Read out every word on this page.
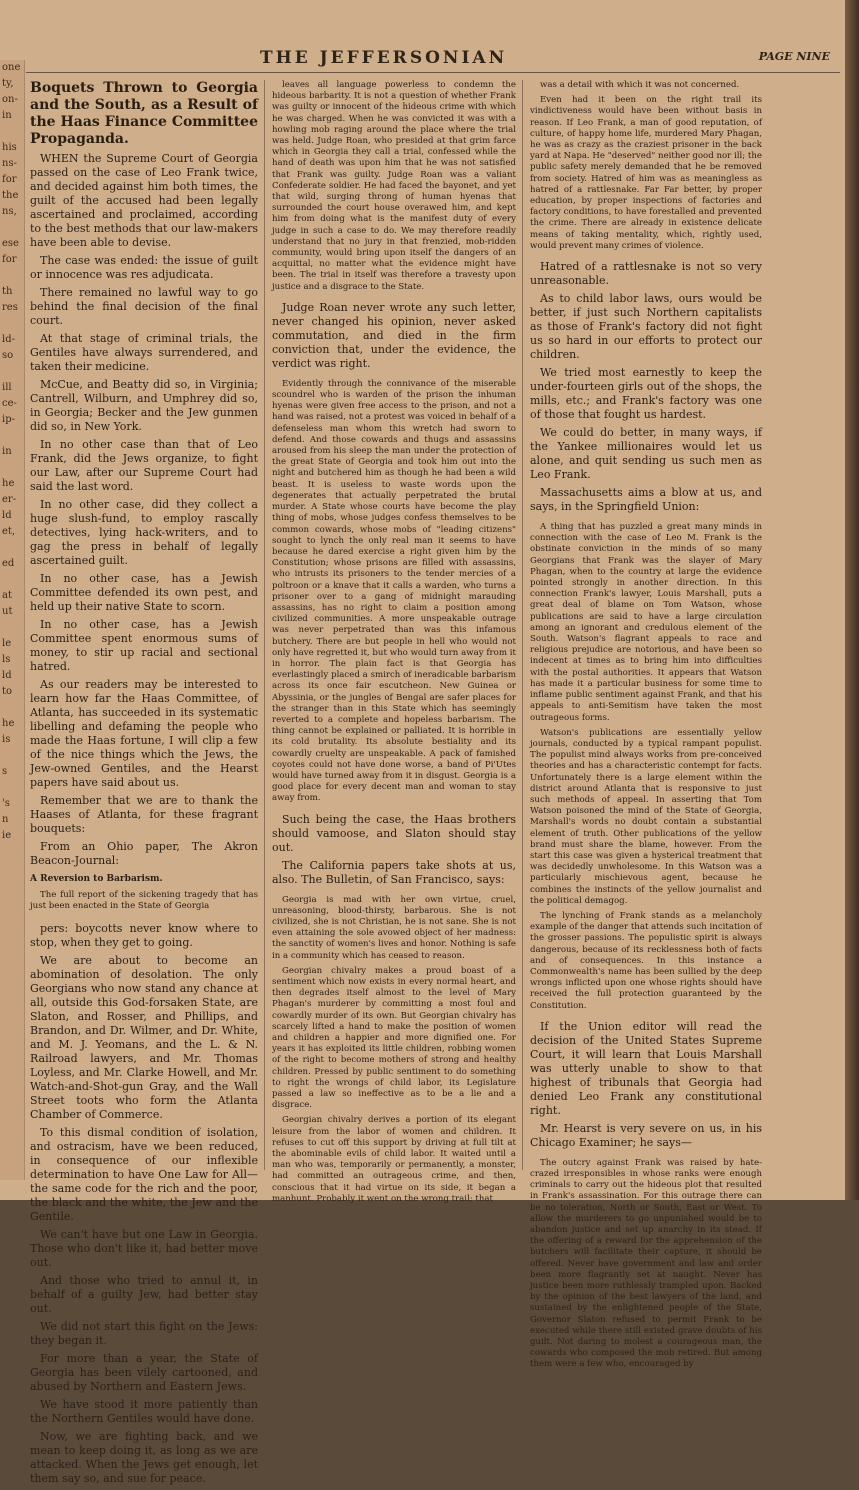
one
ty,
on-
in
his
ns-
for
the
ns,
ese
for
th
res
ld-
so
ill
ce-
ip-
in
he
er-
ld
et,
ed
at
ut
le
ls
ld
to
he
is
s
's
n
ie
THE JEFFERSONIAN	PAGE NINE

Boquets Thrown to Georgia and the South, as a Result of the Haas Finance Committee Propaganda.

WHEN the Supreme Court of Georgia passed on the case of Leo Frank twice, and decided against him both times, the guilt of the accused had been legally ascertained and proclaimed, according to the best methods that our law-makers have been able to devise.

The case was ended: the issue of guilt or innocence was res adjudicata.

There remained no lawful way to go behind the final decision of the final court.

At that stage of criminal trials, the Gentiles have always surrendered, and taken their medicine.

McCue, and Beatty did so, in Virginia; Cantrell, Wilburn, and Umphrey did so, in Georgia; Becker and the Jew gunmen did so, in New York.

In no other case than that of Leo Frank, did the Jews organize, to fight our Law, after our Supreme Court had said the last word.

In no other case, did they collect a huge slush-fund, to employ rascally detectives, lying hack-writers, and to gag the press in behalf of legally ascertained guilt.

In no other case, has a Jewish Committee defended its own pest, and held up their native State to scorn.

In no other case, has a Jewish Committee spent enormous sums of money, to stir up racial and sectional hatred.

As our readers may be interested to learn how far the Haas Committee, of Atlanta, has succeeded in its systematic libelling and defaming the people who made the Haas fortune, I will clip a few of the nice things which the Jews, the Jew-owned Gentiles, and the Hearst papers have said about us.

Remember that we are to thank the Haases of Atlanta, for these fragrant bouquets:

From an Ohio paper, The Akron Beacon-Journal:

A Reversion to Barbarism.

The full report of the sickening tragedy that has just been enacted in the State of Georgia

pers: boycotts never know where to stop, when they get to going.

We are about to become an abomination of desolation. The only Georgians who now stand any chance at all, outside this God-forsaken State, are Slaton, and Rosser, and Phillips, and Brandon, and Dr. Wilmer, and Dr. White, and M. J. Yeomans, and the L. & N. Railroad lawyers, and Mr. Thomas Loyless, and Mr. Clarke Howell, and Mr. Watch-and-Shot-gun Gray, and the Wall Street toots who form the Atlanta Chamber of Commerce.

To this dismal condition of isolation, and ostracism, have we been reduced, in consequence of our inflexible determination to have One Law for All—the same code for the rich and the poor, the black and the white, the Jew and the Gentile.

We can't have but one Law in Georgia. Those who don't like it, had better move out.

And those who tried to annul it, in behalf of a guilty Jew, had better stay out.

We did not start this fight on the Jews: they began it.

For more than a year, the State of Georgia has been vilely cartooned, and abused by Northern and Eastern Jews.

We have stood it more patiently than the Northern Gentiles would have done.

Now, we are fighting back, and we mean to keep doing it, as long as we are attacked. When the Jews get enough, let them say so, and sue for peace.

leaves all language powerless to condemn the hideous barbarity. It is not a question of whether Frank was guilty or innocent of the hideous crime with which he was charged. When he was convicted it was with a howling mob raging around the place where the trial was held. Judge Roan, who presided at that grim farce which in Georgia they call a trial, confessed while the hand of death was upon him that he was not satisfied that Frank was guilty. Judge Roan was a valiant Confederate soldier. He had faced the bayonet, and yet that wild, surging throng of human hyenas that surrounded the court house overawed him, and kept him from doing what is the manifest duty of every judge in such a case to do. We may therefore readily understand that no jury in that frenzied, mob-ridden community, would bring upon itself the dangers of an acquittal, no matter what the evidence might have been. The trial in itself was therefore a travesty upon justice and a disgrace to the State.

Judge Roan never wrote any such letter, never changed his opinion, never asked commutation, and died in the firm conviction that, under the evidence, the verdict was right.

Evidently through the connivance of the miserable scoundrel who is warden of the prison the inhuman hyenas were given free access to the prison, and not a hand was raised, not a protest was voiced in behalf of a defenseless man whom this wretch had sworn to defend. And those cowards and thugs and assassins aroused from his sleep the man under the protection of the great State of Georgia and took him out into the night and butchered him as though he had been a wild beast. It is useless to waste words upon the degenerates that actually perpetrated the brutal murder. A State whose courts have become the play thing of mobs, whose judges confess themselves to be common cowards, whose mobs of "leading citizens" sought to lynch the only real man it seems to have because he dared exercise a right given him by the Constitution; whose prisons are filled with assassins, who intrusts its prisoners to the tender mercies of a poltroon or a knave that it calls a warden, who turns a prisoner over to a gang of midnight marauding assassins, has no right to claim a position among civilized communities. A more unspeakable outrage was never perpetrated than was this infamous butchery. There are but people in hell who would not only have regretted it, but who would turn away from it in horror. The plain fact is that Georgia has everlastingly placed a smirch of ineradicable barbarism across its once fair escutcheon. New Guinea or Abyssinia, or the jungles of Bengal are safer places for the stranger than in this State which has seemingly reverted to a complete and hopeless barbarism. The thing cannot be explained or palliated. It is horrible in its cold brutality. Its absolute bestiality and its cowardly cruelty are unspeakable. A pack of famished coyotes could not have done worse, a band of Pi'Utes would have turned away from it in disgust. Georgia is a good place for every decent man and woman to stay away from.

Such being the case, the Haas brothers should vamoose, and Slaton should stay out.

The California papers take shots at us, also. The Bulletin, of San Francisco, says:

Georgia is mad with her own virtue, cruel, unreasoning, blood-thirsty, barbarous. She is not civilized, she is not Christian, he is not sane. She is not even attaining the sole avowed object of her madness: the sanctity of women's lives and honor. Nothing is safe in a community which has ceased to reason.

Georgian chivalry makes a proud boast of a sentiment which now exists in every normal heart, and then degrades itself almost to the level of Mary Phagan's murderer by committing a most foul and cowardly murder of its own. But Georgian chivalry has scarcely lifted a hand to make the position of women and children a happier and more dignified one. For years it has exploited its little children, robbing women of the right to become mothers of strong and healthy children. Pressed by public sentiment to do something to right the wrongs of child labor, its Legislature passed a law so ineffective as to be a lie and a disgrace.

Georgian chivalry derives a portion of its elegant leisure from the labor of women and children. It refuses to cut off this support by driving at full tilt at the abominable evils of child labor. It waited until a man who was, temporarily or permanently, a monster, had committed an outrageous crime, and then, conscious that it had virtue on its side, it began a manhunt. Probably it went on the wrong trail; that

was a detail with which it was not concerned.

Even had it been on the right trail its vindictiveness would have been without basis in reason. If Leo Frank, a man of good reputation, of culture, of happy home life, murdered Mary Phagan, he was as crazy as the craziest prisoner in the back yard at Napa. He "deserved" neither good nor ill; the public safety merely demanded that he be removed from society. Hatred of him was as meaningless as hatred of a rattlesnake. Far Far better, by proper education, by proper inspections of factories and factory conditions, to have forestalled and prevented the crime. There are already in existence delicate means of taking mentality, which, rightly used, would prevent many crimes of violence.

Hatred of a rattlesnake is not so very unreasonable.

As to child labor laws, ours would be better, if just such Northern capitalists as those of Frank's factory did not fight us so hard in our efforts to protect our children.

We tried most earnestly to keep the under-fourteen girls out of the shops, the mills, etc.; and Frank's factory was one of those that fought us hardest.

We could do better, in many ways, if the Yankee millionaires would let us alone, and quit sending us such men as Leo Frank.

Massachusetts aims a blow at us, and says, in the Springfield Union:

A thing that has puzzled a great many minds in connection with the case of Leo M. Frank is the obstinate conviction in the minds of so many Georgians that Frank was the slayer of Mary Phagan, when to the country at large the evidence pointed strongly in another direction. In this connection Frank's lawyer, Louis Marshall, puts a great deal of blame on Tom Watson, whose publications are said to have a large circulation among an ignorant and credulous element of the South. Watson's flagrant appeals to race and religious prejudice are notorious, and have been so indecent at times as to bring him into difficulties with the postal authorities. It appears that Watson has made it a particular business for some time to inflame public sentiment against Frank, and that his appeals to anti-Semitism have taken the most outrageous forms.

Watson's publications are essentially yellow journals, conducted by a typical rampant populist. The populist mind always works from pre-conceived theories and has a characteristic contempt for facts. Unfortunately there is a large element within the district around Atlanta that is responsive to just such methods of appeal. In asserting that Tom Watson poisoned the mind of the State of Georgia, Marshall's words no doubt contain a substantial element of truth. Other publications of the yellow brand must share the blame, however. From the start this case was given a hysterical treatment that was decidedly unwholesome. In this Watson was a particularly mischievous agent, because he combines the instincts of the yellow journalist and the political demagog.

The lynching of Frank stands as a melancholy example of the danger that attends such incitation of the grosser passions. The populistic spirit is always dangerous, because of its recklessness both of facts and of consequences. In this instance a Commonwealth's name has been sullied by the deep wrongs inflicted upon one whose rights should have received the full protection guaranteed by the Constitution.

If the Union editor will read the decision of the United States Supreme Court, it will learn that Louis Marshall was utterly unable to show to that highest of tribunals that Georgia had denied Leo Frank any constitutional right.

Mr. Hearst is very severe on us, in his Chicago Examiner; he says—

The outcry against Frank was raised by hate-crazed irresponsibles in whose ranks were enough criminals to carry out the hideous plot that resulted in Frank's assassination. For this outrage there can be no toleration, North or South, East or West. To allow the murderers to go unpunished would be to abandon justice and set up anarchy in its stead. If the offering of a reward for the apprehension of the butchers will facilitate their capture, it should be offered. Never have government and law and order been more flagrantly set at naught. Never has justice been more ruthlessly trampled upon. Backed by the opinion of the best lawyers of the land, and sustained by the enlightened people of the State, Governor Slaton refused to permit Frank to be executed while there still existed grave doubts of his guilt. Not daring to molest a courageous man, the cowards who composed the mob retired. But among them were a few who, encouraged by
